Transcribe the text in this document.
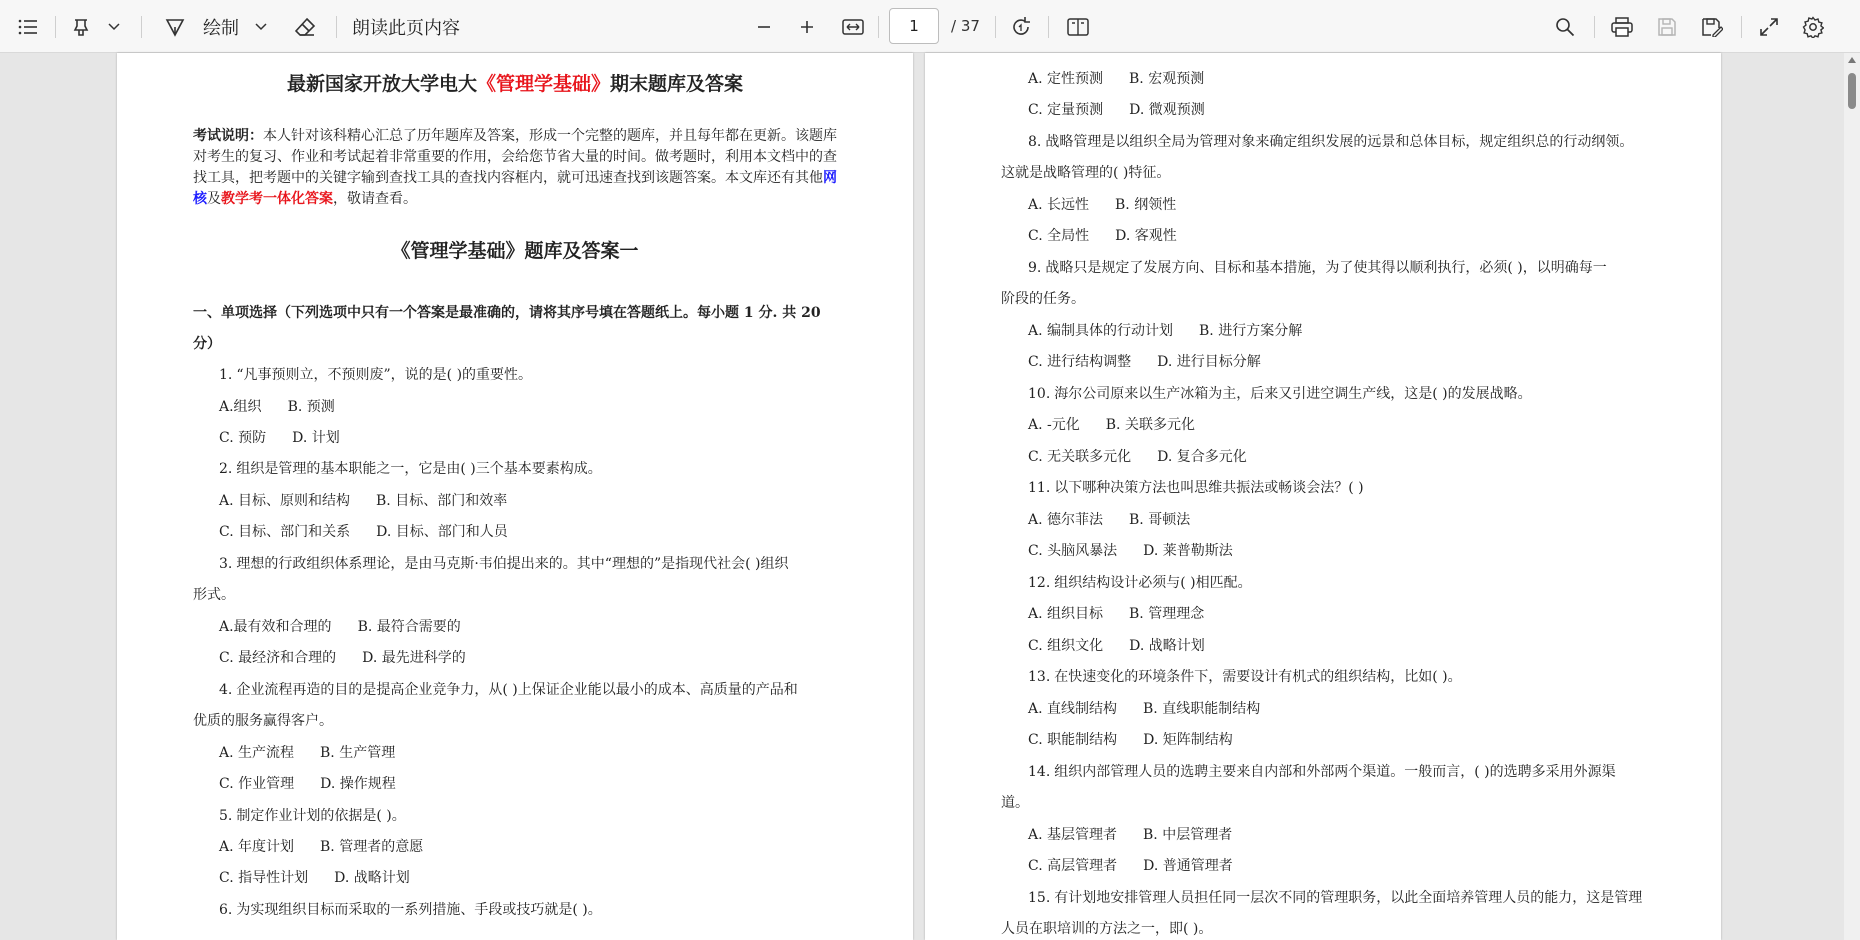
绘制	朗读此页内容
1	/ 37
最新国家开放大学电大《管理学基础》期末题库及答案
考试说明：本人针对该科精心汇总了历年题库及答案，形成一个完整的题库，并且每年都在更新。该题库
对考生的复习、作业和考试起着非常重要的作用，会给您节省大量的时间。做考题时，利用本文档中的查
找工具，把考题中的关键字输到查找工具的查找内容框内，就可迅速查找到该题答案。本文库还有其他网
核及教学考一体化答案，敬请查看。
《管理学基础》题库及答案一
一、单项选择（下列选项中只有一个答案是最准确的，请将其序号填在答题纸上。每小题 1 分. 共 20
分）
1. “凡事预则立，不预则废”，说的是( )的重要性。
A.组织 B. 预测
C. 预防 D. 计划
2. 组织是管理的基本职能之一，它是由( )三个基本要素构成。
A. 目标、原则和结构 B. 目标、部门和效率
C. 目标、部门和关系 D. 目标、部门和人员
3. 理想的行政组织体系理论，是由马克斯·韦伯提出来的。其中“理想的”是指现代社会( )组织
形式。
A.最有效和合理的 B. 最符合需要的
C. 最经济和合理的 D. 最先进科学的
4. 企业流程再造的目的是提高企业竞争力，从( )上保证企业能以最小的成本、高质量的产品和
优质的服务赢得客户。
A. 生产流程 B. 生产管理
C. 作业管理 D. 操作规程
5. 制定作业计划的依据是( )。
A. 年度计划 B. 管理者的意愿
C. 指导性计划 D. 战略计划
6. 为实现组织目标而采取的一系列措施、手段或技巧就是( )。
A. 定性预测 B. 宏观预测
C. 定量预测 D. 微观预测
8. 战略管理是以组织全局为管理对象来确定组织发展的远景和总体目标，规定组织总的行动纲领。
这就是战略管理的( )特征。
A. 长远性 B. 纲领性
C. 全局性 D. 客观性
9. 战略只是规定了发展方向、目标和基本措施，为了使其得以顺利执行，必须( )，以明确每一
阶段的任务。
A. 编制具体的行动计划 B. 进行方案分解
C. 进行结构调整 D. 进行目标分解
10. 海尔公司原来以生产冰箱为主，后来又引进空调生产线，这是( )的发展战略。
A. -元化 B. 关联多元化
C. 无关联多元化 D. 复合多元化
11. 以下哪种决策方法也叫思维共振法或畅谈会法？( )
A. 德尔菲法 B. 哥顿法
C. 头脑风暴法 D. 莱普勒斯法
12. 组织结构设计必须与( )相匹配。
A. 组织目标 B. 管理理念
C. 组织文化 D. 战略计划
13. 在快速变化的环境条件下，需要设计有机式的组织结构，比如( )。
A. 直线制结构 B. 直线职能制结构
C. 职能制结构 D. 矩阵制结构
14. 组织内部管理人员的选聘主要来自内部和外部两个渠道。一般而言，( )的选聘多采用外源渠
道。
A. 基层管理者 B. 中层管理者
C. 高层管理者 D. 普通管理者
15. 有计划地安排管理人员担任同一层次不同的管理职务，以此全面培养管理人员的能力，这是管理
人员在职培训的方法之一，即( )。
